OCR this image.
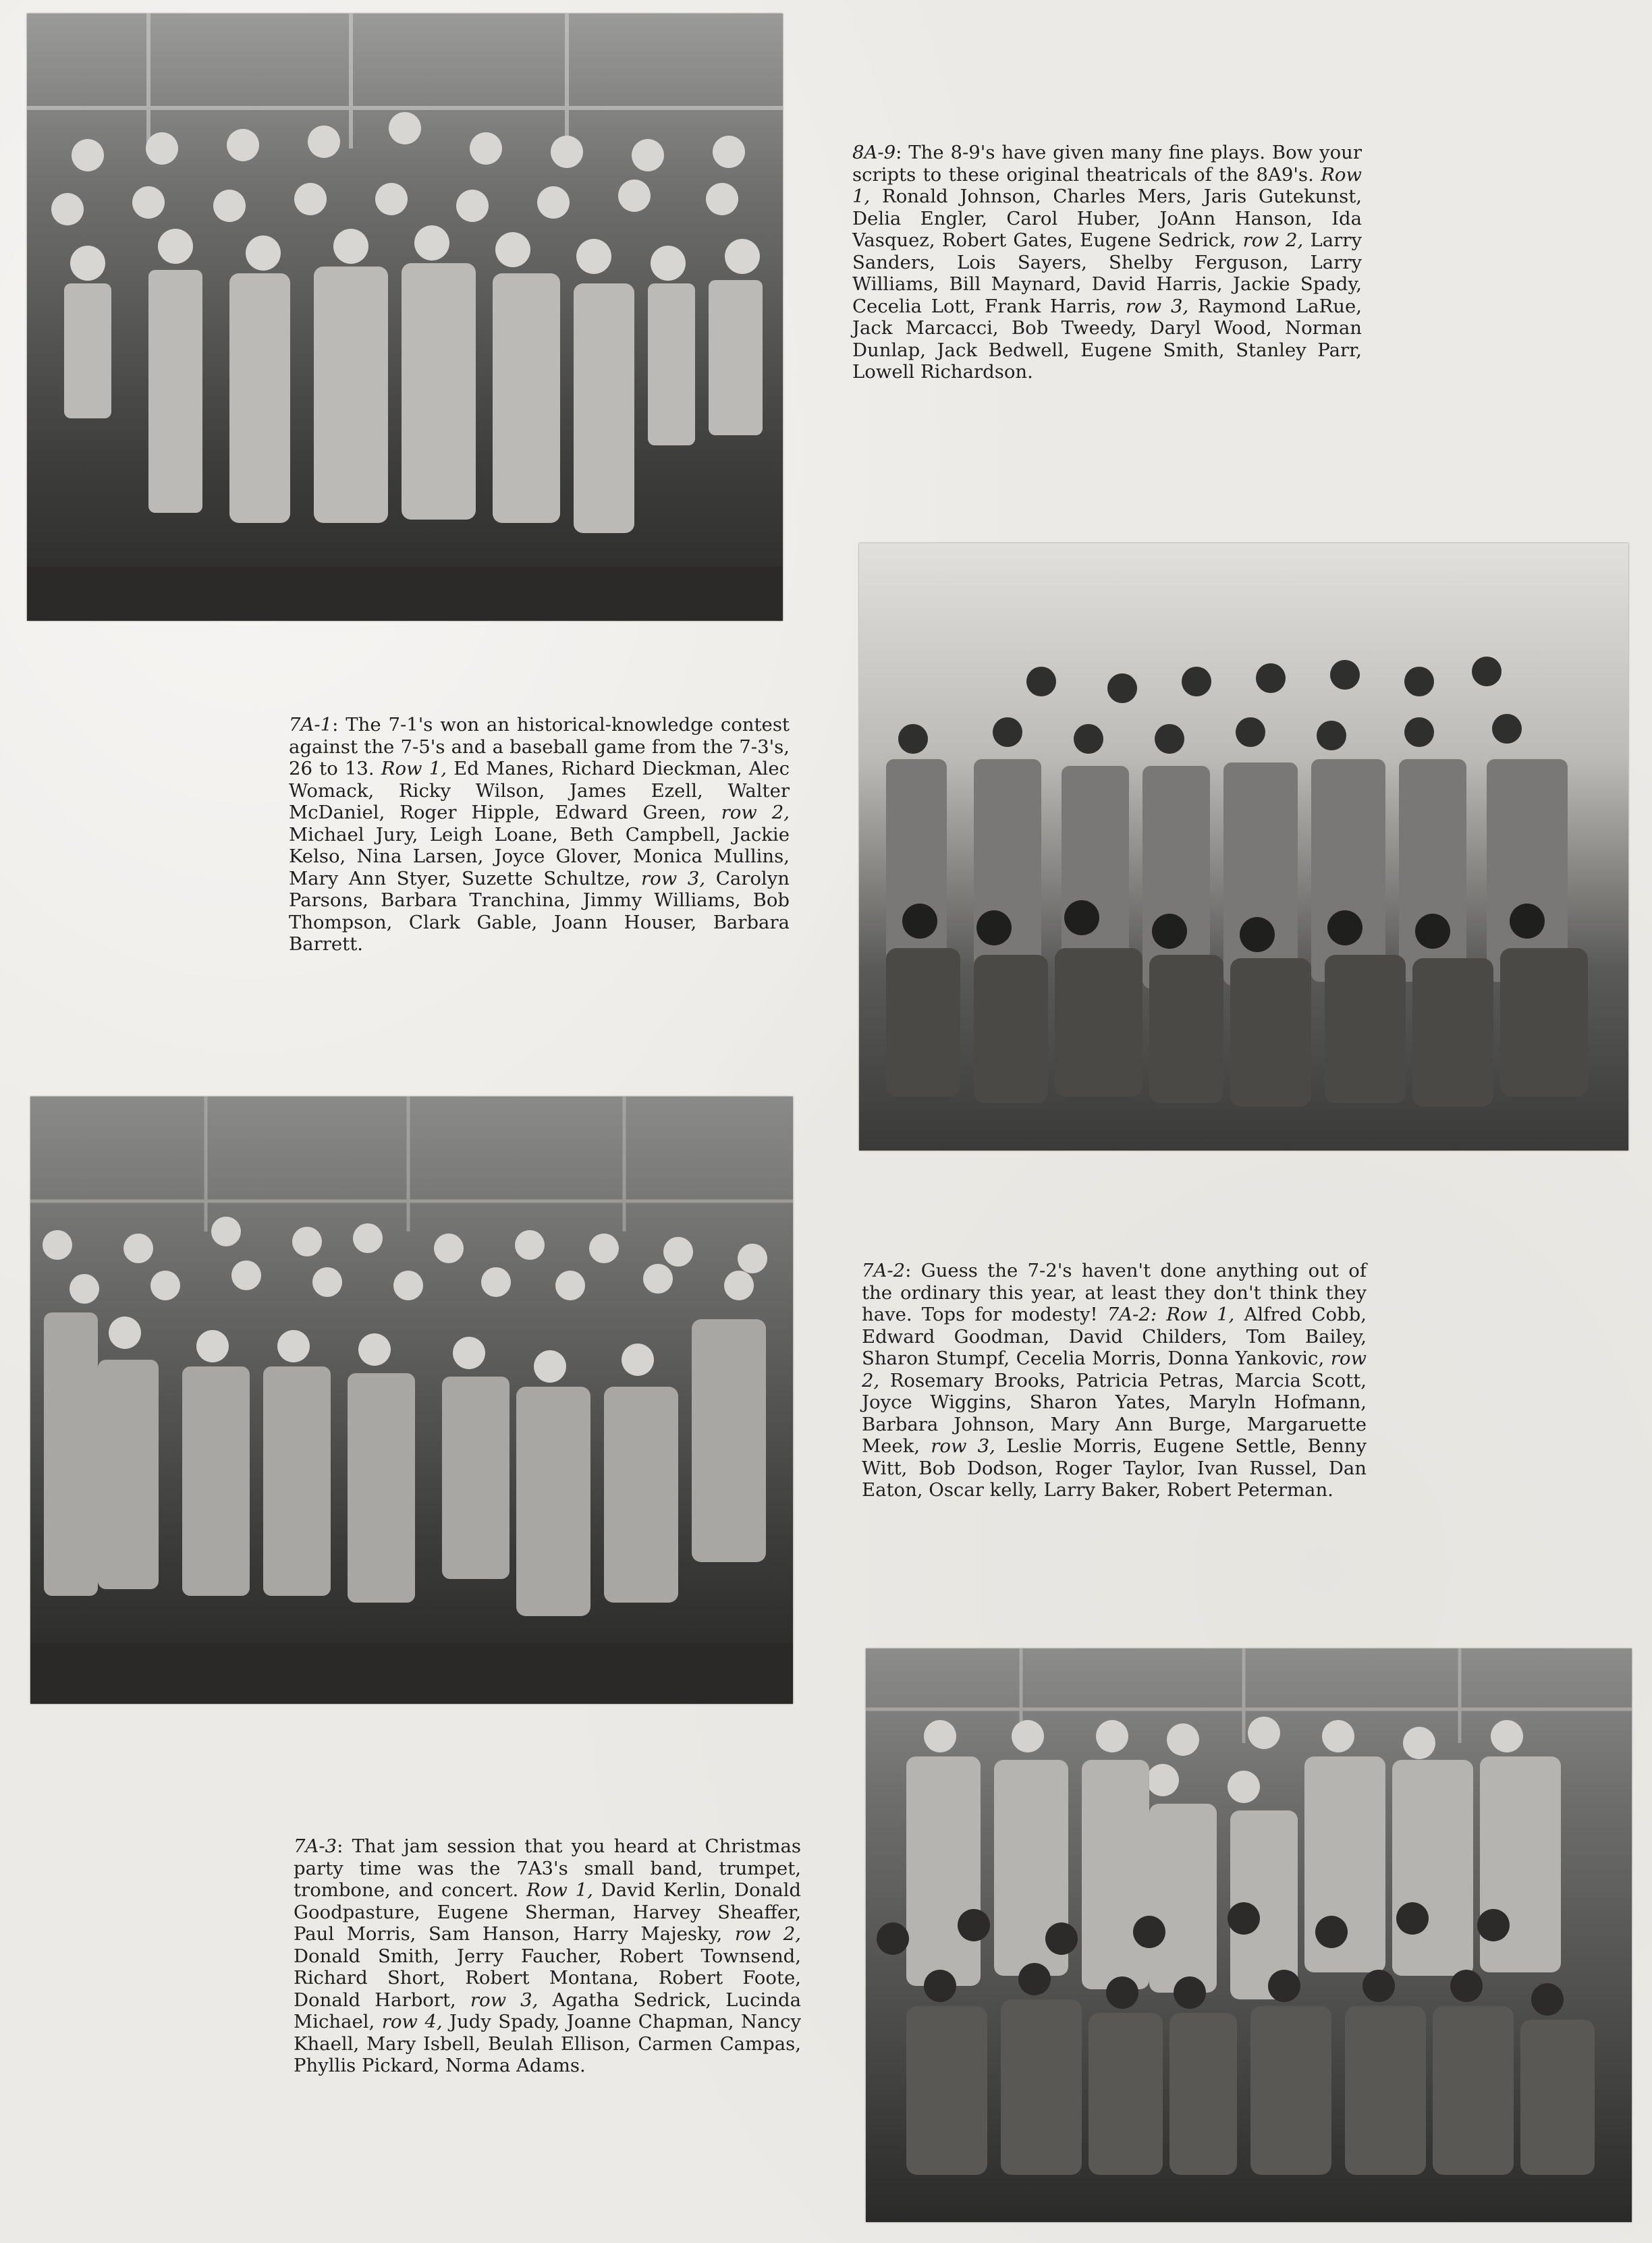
8A-9: The 8-9's have given many fine plays. Bow your scripts to these original theatricals of the 8A9's. Row 1, Ronald Johnson, Charles Mers, Jaris Gutekunst, Delia Engler, Carol Huber, JoAnn Hanson, Ida Vasquez, Robert Gates, Eugene Sedrick, row 2, Larry Sanders, Lois Sayers, Shelby Ferguson, Larry Williams, Bill Maynard, David Harris, Jackie Spady, Cecelia Lott, Frank Harris, row 3, Raymond LaRue, Jack Marcacci, Bob Tweedy, Daryl Wood, Norman Dunlap, Jack Bedwell, Eugene Smith, Stanley Parr, Lowell Richardson.

7A-1: The 7-1's won an historical-knowledge contest against the 7-5's and a baseball game from the 7-3's, 26 to 13. Row 1, Ed Manes, Richard Dieckman, Alec Womack, Ricky Wilson, James Ezell, Walter McDaniel, Roger Hipple, Edward Green, row 2, Michael Jury, Leigh Loane, Beth Campbell, Jackie Kelso, Nina Larsen, Joyce Glover, Monica Mullins, Mary Ann Styer, Suzette Schultze, row 3, Carolyn Parsons, Barbara Tranchina, Jimmy Williams, Bob Thompson, Clark Gable, Joann Houser, Barbara Barrett.

7A-2: Guess the 7-2's haven't done anything out of the ordinary this year, at least they don't think they have. Tops for modesty! 7A-2: Row 1, Alfred Cobb, Edward Goodman, David Childers, Tom Bailey, Sharon Stumpf, Cecelia Morris, Donna Yankovic, row 2, Rosemary Brooks, Patricia Petras, Marcia Scott, Joyce Wiggins, Sharon Yates, Maryln Hofmann, Barbara Johnson, Mary Ann Burge, Margaruette Meek, row 3, Leslie Morris, Eugene Settle, Benny Witt, Bob Dodson, Roger Taylor, Ivan Russel, Dan Eaton, Oscar kelly, Larry Baker, Robert Peterman.

7A-3: That jam session that you heard at Christmas party time was the 7A3's small band, trumpet, trombone, and concert. Row 1, David Kerlin, Donald Goodpasture, Eugene Sherman, Harvey Sheaffer, Paul Morris, Sam Hanson, Harry Majesky, row 2, Donald Smith, Jerry Faucher, Robert Townsend, Richard Short, Robert Montana, Robert Foote, Donald Harbort, row 3, Agatha Sedrick, Lucinda Michael, row 4, Judy Spady, Joanne Chapman, Nancy Khaell, Mary Isbell, Beulah Ellison, Carmen Campas, Phyllis Pickard, Norma Adams.
